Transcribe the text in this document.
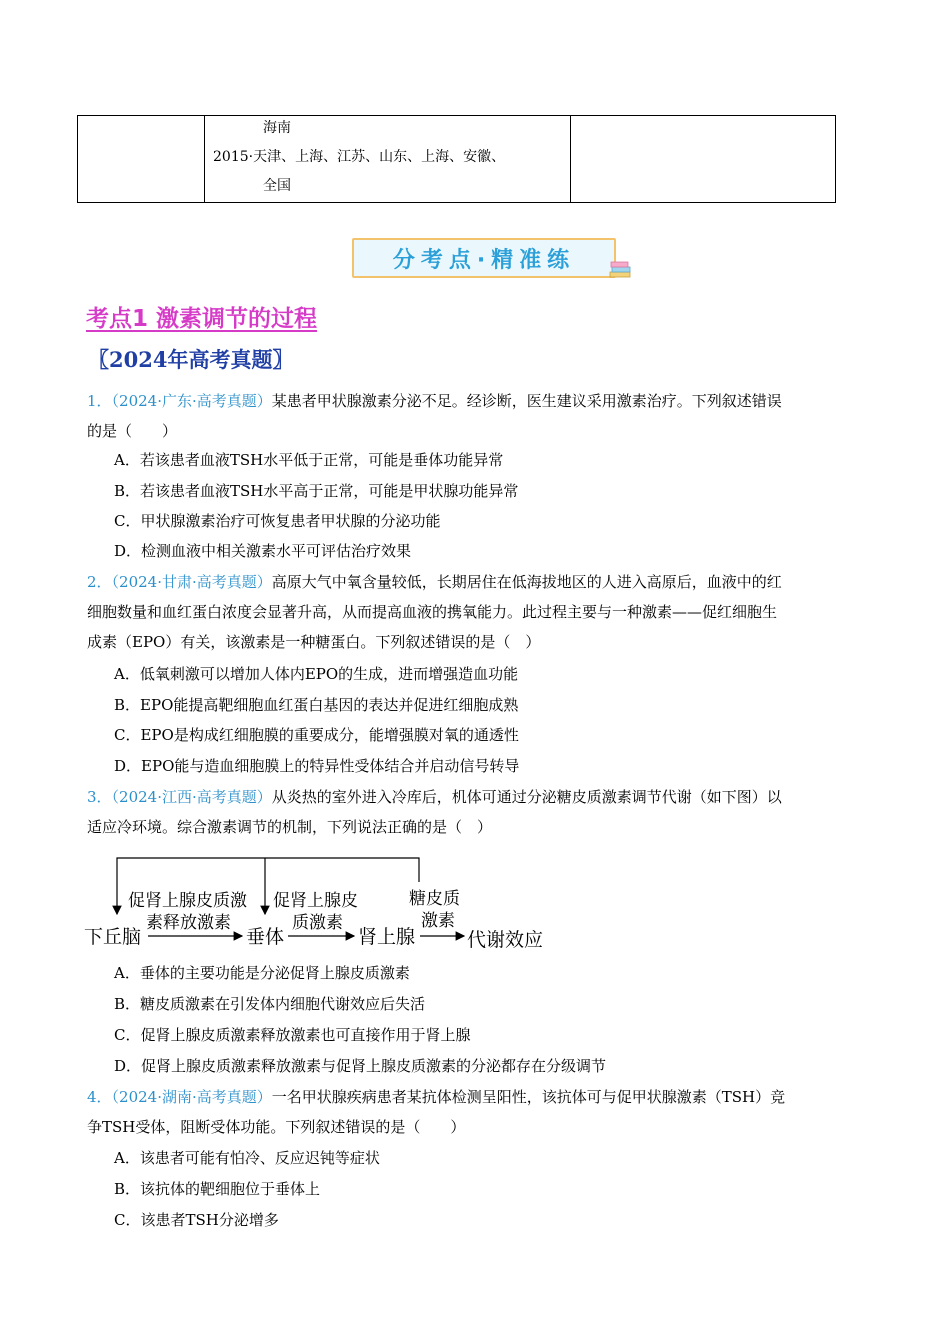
海南
2015·天津、上海、江苏、山东、上海、安徽、
全国

分考点·精准练
考点1 激素调节的过程
〖2024年高考真题〗
1．（2024·广东·高考真题）某患者甲状腺激素分泌不足。经诊断，医生建议采用激素治疗。下列叙述错误
的是（　　）
A．若该患者血液TSH水平低于正常，可能是垂体功能异常
B．若该患者血液TSH水平高于正常，可能是甲状腺功能异常
C．甲状腺激素治疗可恢复患者甲状腺的分泌功能
D．检测血液中相关激素水平可评估治疗效果
2．（2024·甘肃·高考真题）高原大气中氧含量较低，长期居住在低海拔地区的人进入高原后，血液中的红
细胞数量和血红蛋白浓度会显著升高，从而提高血液的携氧能力。此过程主要与一种激素——促红细胞生
成素（EPO）有关，该激素是一种糖蛋白。下列叙述错误的是（　）
A．低氧刺激可以增加人体内EPO的生成，进而增强造血功能
B．EPO能提高靶细胞血红蛋白基因的表达并促进红细胞成熟
C．EPO是构成红细胞膜的重要成分，能增强膜对氧的通透性
D．EPO能与造血细胞膜上的特异性受体结合并启动信号转导
3．（2024·江西·高考真题）从炎热的室外进入冷库后，机体可通过分泌糖皮质激素调节代谢（如下图）以
适应冷环境。综合激素调节的机制，下列说法正确的是（　）
下丘脑	垂体	肾上腺	代谢效应
促肾上腺皮质激
素释放激素
促肾上腺皮
质激素
糖皮质
激素
A．垂体的主要功能是分泌促肾上腺皮质激素
B．糖皮质激素在引发体内细胞代谢效应后失活
C．促肾上腺皮质激素释放激素也可直接作用于肾上腺
D．促肾上腺皮质激素释放激素与促肾上腺皮质激素的分泌都存在分级调节
4．（2024·湖南·高考真题）一名甲状腺疾病患者某抗体检测呈阳性，该抗体可与促甲状腺激素（TSH）竞
争TSH受体，阻断受体功能。下列叙述错误的是（　　）
A．该患者可能有怕冷、反应迟钝等症状
B．该抗体的靶细胞位于垂体上
C．该患者TSH分泌增多
